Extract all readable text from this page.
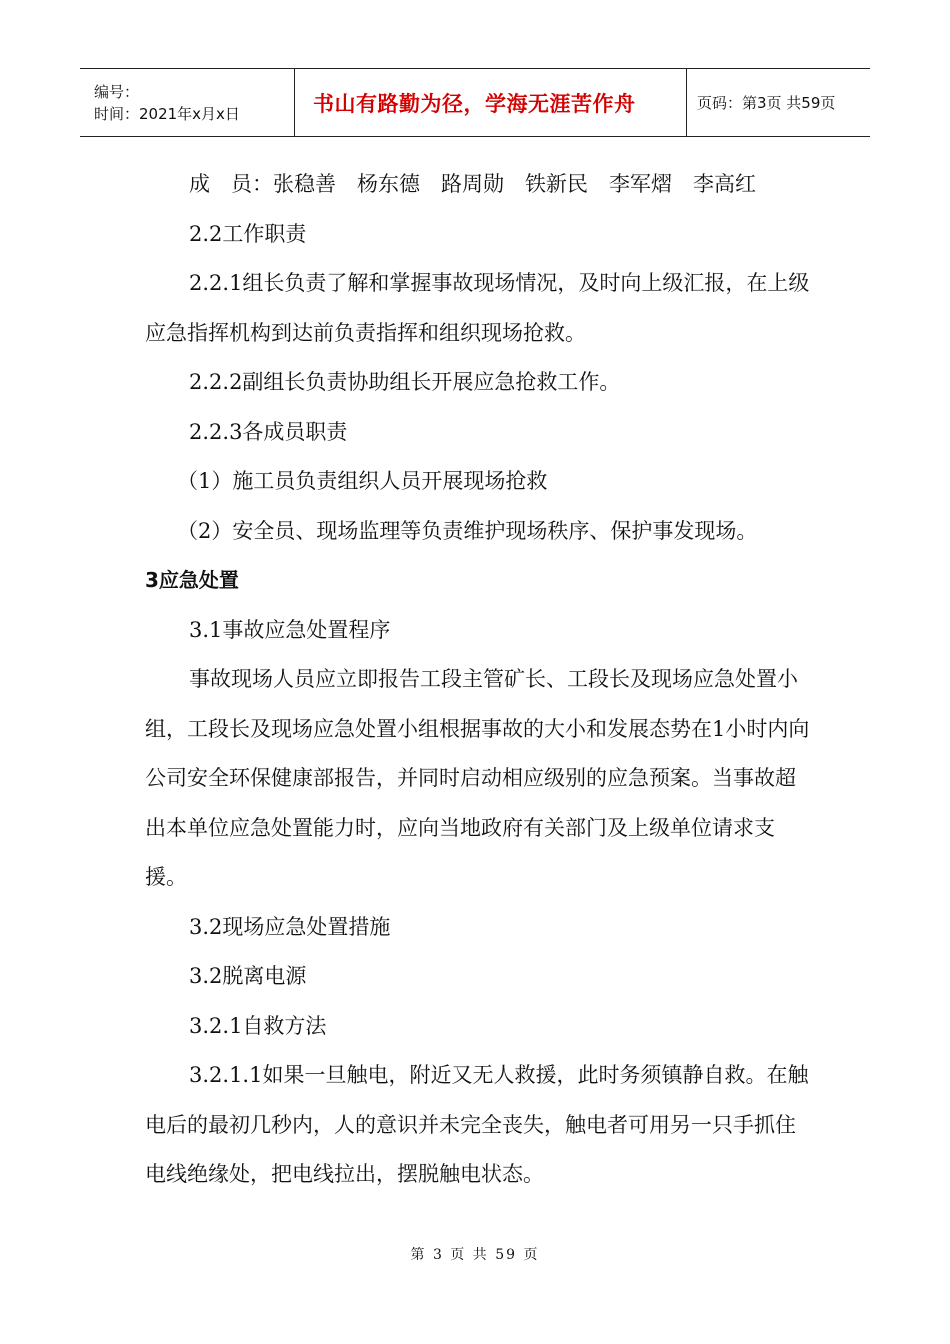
编号：
时间：2021年x月x日	书山有路勤为径，学海无涯苦作舟	页码：第3页 共59页

成　员：张稳善　杨东德　路周勋　铁新民　李军熠　李高红

2.2工作职责

2.2.1组长负责了解和掌握事故现场情况，及时向上级汇报，在上级应急指挥机构到达前负责指挥和组织现场抢救。

2.2.2副组长负责协助组长开展应急抢救工作。

2.2.3各成员职责

（1）施工员负责组织人员开展现场抢救

（2）安全员、现场监理等负责维护现场秩序、保护事发现场。

3应急处置

3.1事故应急处置程序

事故现场人员应立即报告工段主管矿长、工段长及现场应急处置小组，工段长及现场应急处置小组根据事故的大小和发展态势在1小时内向公司安全环保健康部报告，并同时启动相应级别的应急预案。当事故超出本单位应急处置能力时，应向当地政府有关部门及上级单位请求支援。

3.2现场应急处置措施

3.2脱离电源

3.2.1自救方法

3.2.1.1如果一旦触电，附近又无人救援，此时务须镇静自救。在触电后的最初几秒内，人的意识并未完全丧失，触电者可用另一只手抓住电线绝缘处，把电线拉出，摆脱触电状态。

第 3 页 共 59 页
